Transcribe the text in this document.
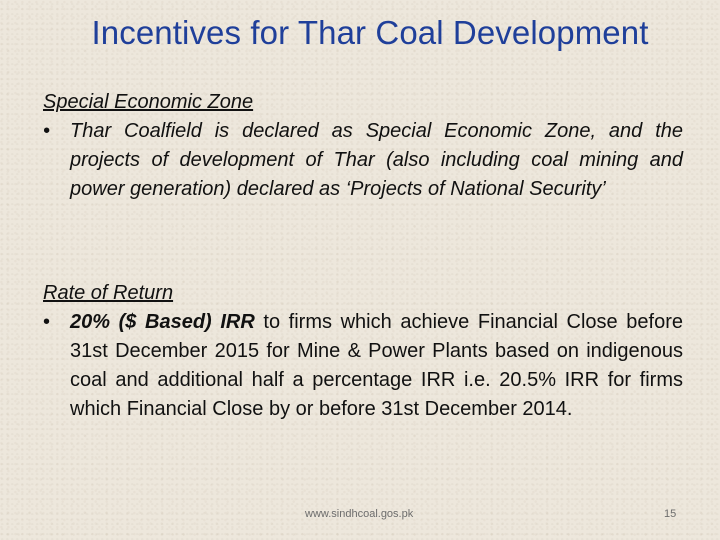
Incentives for Thar Coal Development

Special Economic Zone

• Thar Coalfield is declared as Special Economic Zone, and the projects of development of Thar (also including coal mining and power generation) declared as ‘Projects of National Security’

Rate of Return

• 20% ($ Based) IRR to firms which achieve Financial Close before 31st December 2015 for Mine & Power Plants based on indigenous coal and additional half a percentage IRR i.e. 20.5% IRR for firms which Financial Close by or before 31st December 2014.

www.sindhcoal.gos.pk	15
